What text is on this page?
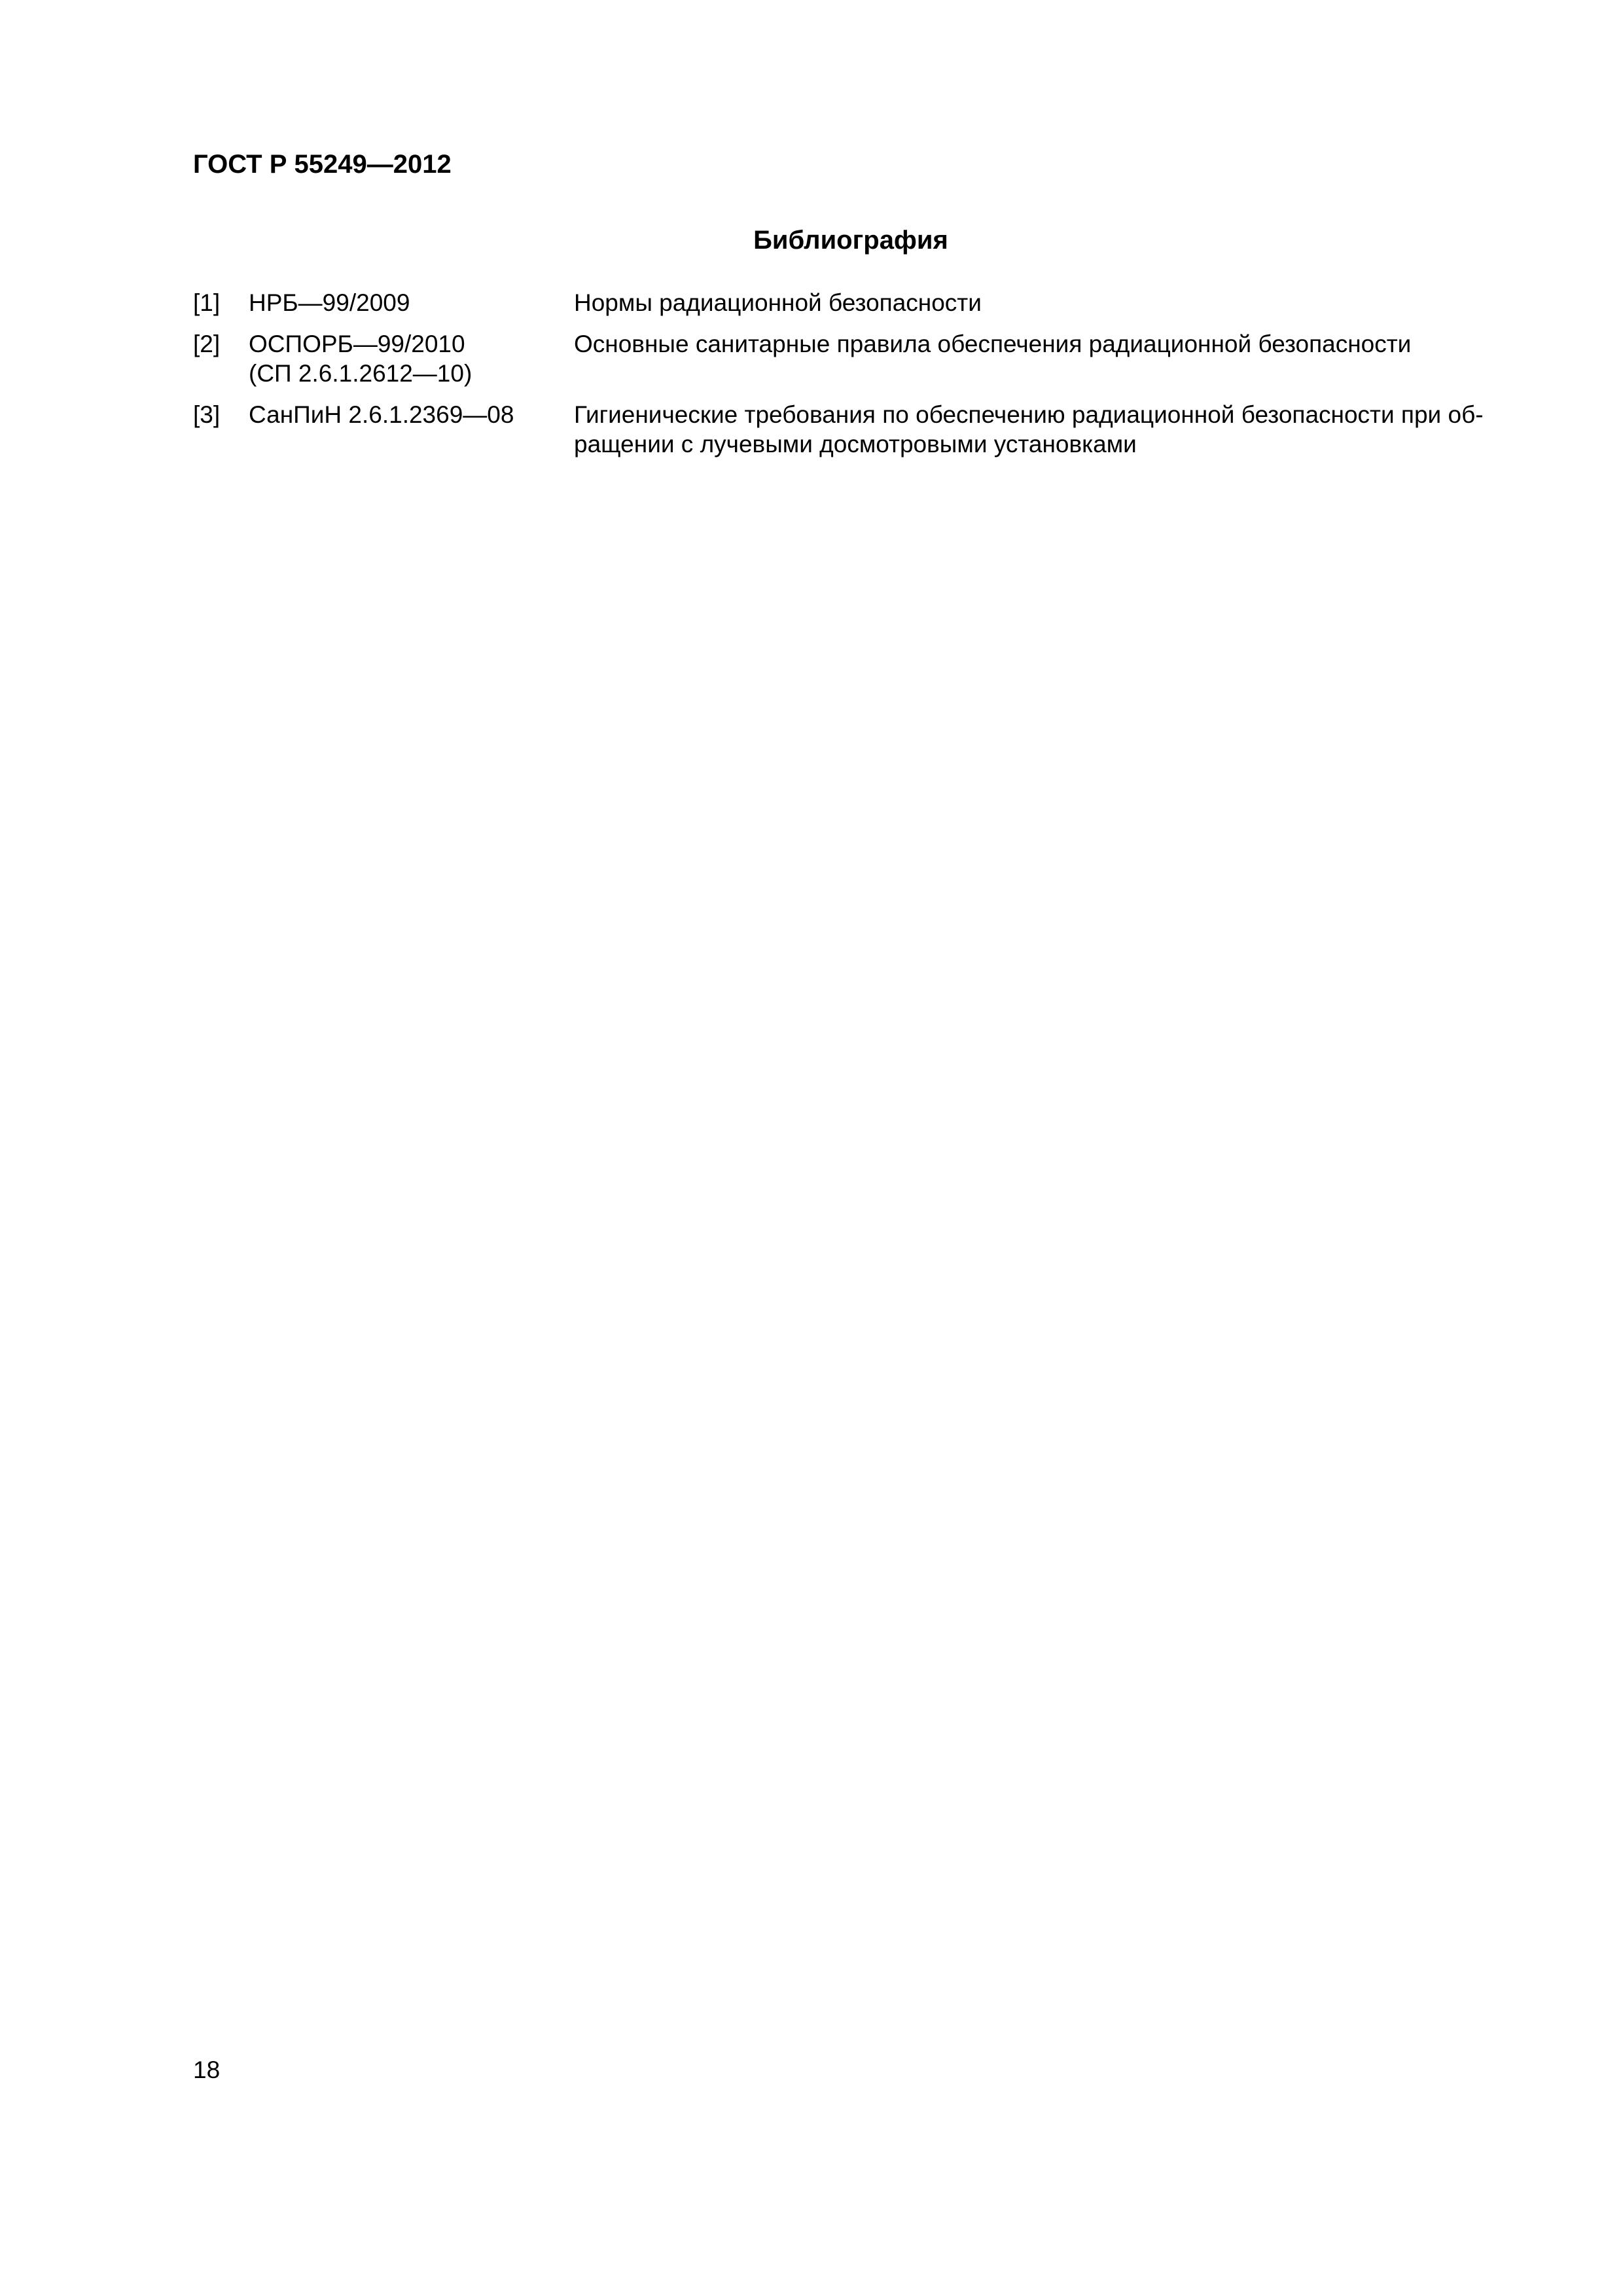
ГОСТ Р 55249—2012
Библиография
[1] НРБ—99/2009	Нормы радиационной безопасности
[2] ОСПОРБ—99/2010
(СП 2.6.1.2612—10)
Основные санитарные правила обеспечения радиационной безопасности
[3] СанПиН 2.6.1.2369—08	Гигиенические требования по обеспечению радиационной безопасности при об-
ращении с лучевыми досмотровыми установками
18
